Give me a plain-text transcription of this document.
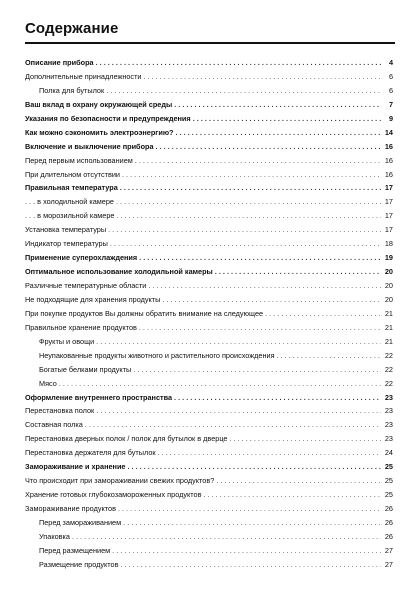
Содержание
Описание прибора . . .	4
Дополнительные принадлежности . . .	6
Полка для бутылок . . .	6
Ваш вклад в охрану окружающей среды . . .	7
Указания по безопасности и предупреждения . . .	9
Как можно сэкономить электроэнергию? . . .	14
Включение и выключение прибора . . .	16
Перед первым использованием . . .	16
При длительном отсутствии . . .	16
Правильная температура . . .	17
. . . в холодильной камере . . .	17
. . . в морозильной камере . . .	17
Установка температуры . . .	17
Индикатор температуры . . .	18
Применение суперохлаждения . . .	19
Оптимальное использование холодильной камеры . . .	20
Различные температурные области . . .	20
Не подходящие для хранения продукты . . .	20
При покупке продуктов Вы должны обратить внимание на следующее . . .	21
Правильное хранение продуктов . . .	21
Фрукты и овощи . . .	21
Неупакованные продукты животного и растительного происхождения . . .	22
Богатые белками продукты . . .	22
Мясо . . .	22
Оформление внутреннего пространства . . .	23
Перестановка полок . . .	23
Составная полка . . .	23
Перестановка дверных полок / полок для бутылок в дверце . . .	23
Перестановка держателя для бутылок . . .	24
Замораживание и хранение . . .	25
Что происходит при замораживании свежих продуктов? . . .	25
Хранение готовых глубокозамороженных продуктов . . .	25
Замораживание продуктов . . .	26
Перед замораживанием . . .	26
Упаковка . . .	26
Перед размещением . . .	27
Размещение продуктов . . .	27
